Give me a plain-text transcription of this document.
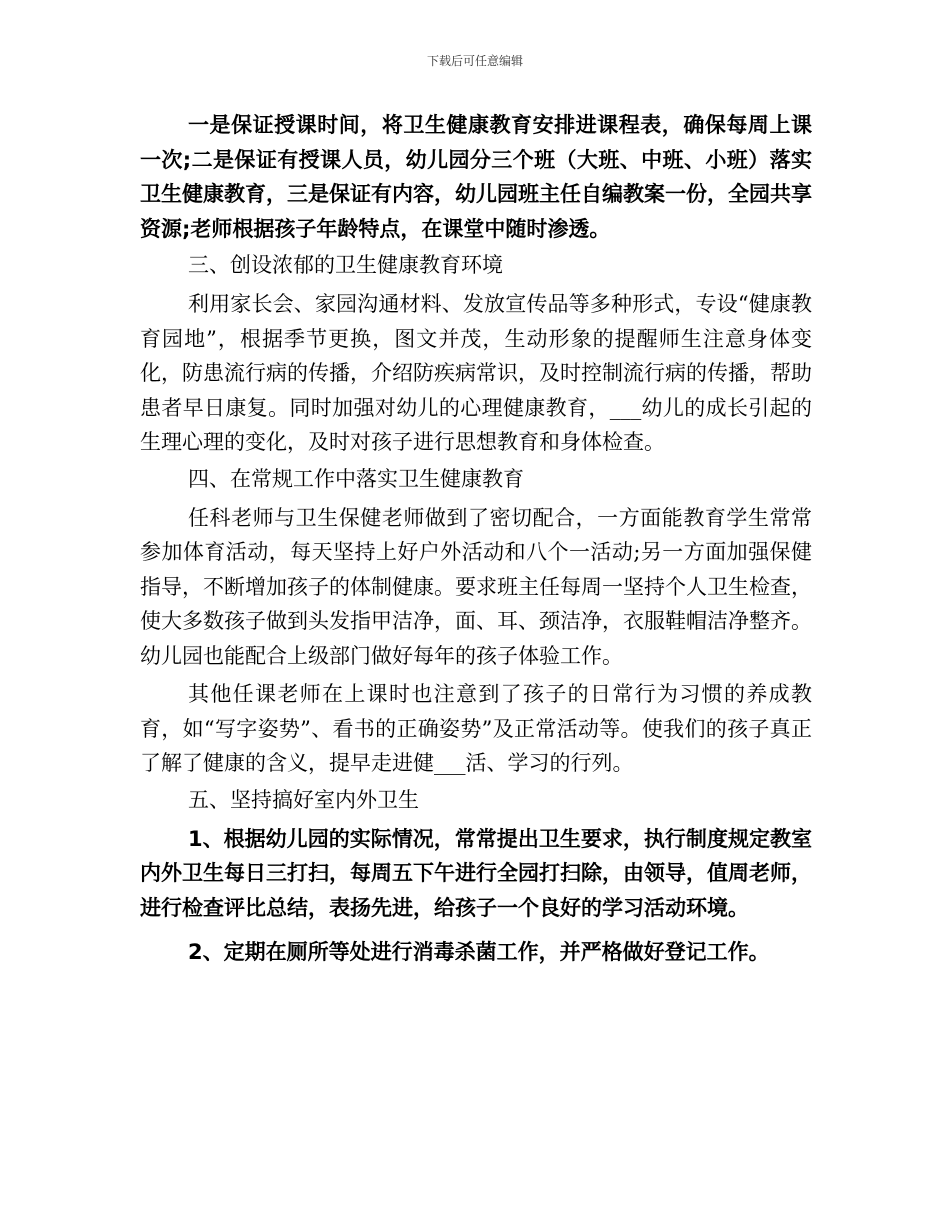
下载后可任意编辑

一是保证授课时间，将卫生健康教育安排进课程表，确保每周上课一次;二是保证有授课人员，幼儿园分三个班（大班、中班、小班）落实卫生健康教育，三是保证有内容，幼儿园班主任自编教案一份，全园共享资源;老师根据孩子年龄特点，在课堂中随时渗透。

三、创设浓郁的卫生健康教育环境

利用家长会、家园沟通材料、发放宣传品等多种形式，专设“健康教育园地”，根据季节更换，图文并茂，生动形象的提醒师生注意身体变化，防患流行病的传播，介绍防疾病常识，及时控制流行病的传播，帮助患者早日康复。同时加强对幼儿的心理健康教育，___幼儿的成长引起的生理心理的变化，及时对孩子进行思想教育和身体检查。

四、在常规工作中落实卫生健康教育

任科老师与卫生保健老师做到了密切配合，一方面能教育学生常常参加体育活动，每天坚持上好户外活动和八个一活动;另一方面加强保健指导，不断增加孩子的体制健康。要求班主任每周一坚持个人卫生检查，使大多数孩子做到头发指甲洁净，面、耳、颈洁净，衣服鞋帽洁净整齐。幼儿园也能配合上级部门做好每年的孩子体验工作。

其他任课老师在上课时也注意到了孩子的日常行为习惯的养成教育，如“写字姿势”、看书的正确姿势”及正常活动等。使我们的孩子真正了解了健康的含义，提早走进健___活、学习的行列。

五、坚持搞好室内外卫生

1、根据幼儿园的实际情况，常常提出卫生要求，执行制度规定教室内外卫生每日三打扫，每周五下午进行全园打扫除，由领导，值周老师，进行检查评比总结，表扬先进，给孩子一个良好的学习活动环境。

2、定期在厕所等处进行消毒杀菌工作，并严格做好登记工作。
